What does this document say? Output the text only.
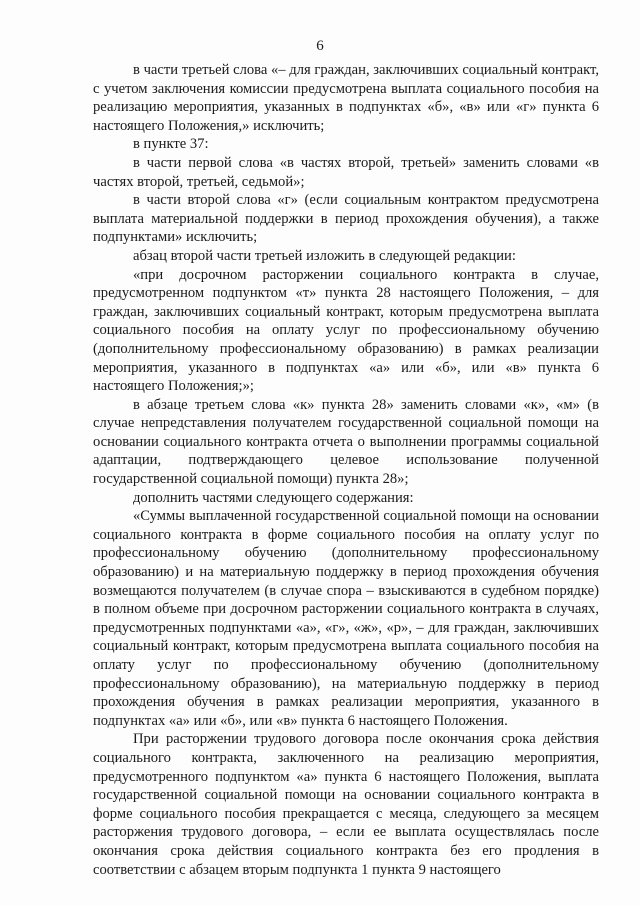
6

в части третьей слова «– для граждан, заключивших социальный контракт, с учетом заключения комиссии предусмотрена выплата социального пособия на реализацию мероприятия, указанных в подпунктах «б», «в» или «г» пункта 6 настоящего Положения,» исключить;

в пункте 37:

в части первой слова «в частях второй, третьей» заменить словами «в частях второй, третьей, седьмой»;

в части второй слова «г» (если социальным контрактом предусмотрена выплата материальной поддержки в период прохождения обучения), а также подпунктами» исключить;

абзац второй части третьей изложить в следующей редакции:

«при досрочном расторжении социального контракта в случае, предусмотренном подпунктом «т» пункта 28 настоящего Положения, – для граждан, заключивших социальный контракт, которым предусмотрена выплата социального пособия на оплату услуг по профессиональному обучению (дополнительному профессиональному образованию) в рамках реализации мероприятия, указанного в подпунктах «а» или «б», или «в» пункта 6 настоящего Положения;»;

в абзаце третьем слова «к» пункта 28» заменить словами «к», «м» (в случае непредставления получателем государственной социальной помощи на основании социального контракта отчета о выполнении программы социальной адаптации, подтверждающего целевое использование полученной государственной социальной помощи) пункта 28»;

дополнить частями следующего содержания:

«Суммы выплаченной государственной социальной помощи на основании социального контракта в форме социального пособия на оплату услуг по профессиональному обучению (дополнительному профессиональному образованию) и на материальную поддержку в период прохождения обучения возмещаются получателем (в случае спора – взыскиваются в судебном порядке) в полном объеме при досрочном расторжении социального контракта в случаях, предусмотренных подпунктами «а», «г», «ж», «р», – для граждан, заключивших социальный контракт, которым предусмотрена выплата социального пособия на оплату услуг по профессиональному обучению (дополнительному профессиональному образованию), на материальную поддержку в период прохождения обучения в рамках реализации мероприятия, указанного в подпунктах «а» или «б», или «в» пункта 6 настоящего Положения.

При расторжении трудового договора после окончания срока действия социального контракта, заключенного на реализацию мероприятия, предусмотренного подпунктом «а» пункта 6 настоящего Положения, выплата государственной социальной помощи на основании социального контракта в форме социального пособия прекращается с месяца, следующего за месяцем расторжения трудового договора, – если ее выплата осуществлялась после окончания срока действия социального контракта без его продления в соответствии с абзацем вторым подпункта 1 пункта 9 настоящего
